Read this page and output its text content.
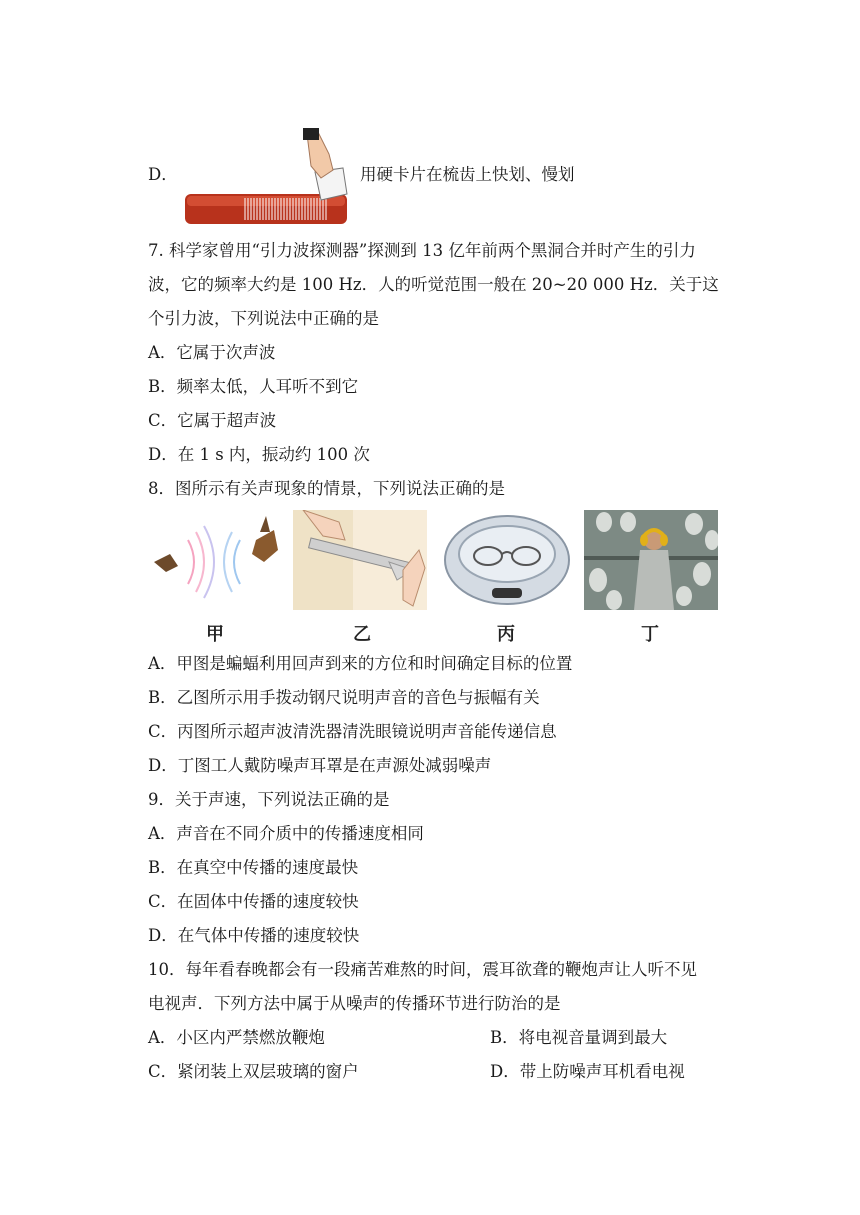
D．	用硬卡片在梳齿上快划、慢划
7. 科学家曾用“引力波探测器”探测到 13 亿年前两个黑洞合并时产生的引力
波，它的频率大约是 100 Hz．人的听觉范围一般在 20~20 000 Hz．关于这
个引力波，下列说法中正确的是
A．它属于次声波
B．频率太低，人耳听不到它
C．它属于超声波
D．在 1 s 内，振动约 100 次
8．图所示有关声现象的情景，下列说法正确的是
甲	乙	丙	丁
A．甲图是蝙蝠利用回声到来的方位和时间确定目标的位置
B．乙图所示用手拨动钢尺说明声音的音色与振幅有关
C．丙图所示超声波清洗器清洗眼镜说明声音能传递信息
D．丁图工人戴防噪声耳罩是在声源处减弱噪声
9．关于声速，下列说法正确的是
A．声音在不同介质中的传播速度相同
B．在真空中传播的速度最快
C．在固体中传播的速度较快
D．在气体中传播的速度较快
10．每年看春晚都会有一段痛苦难熬的时间，震耳欲聋的鞭炮声让人听不见
电视声．下列方法中属于从噪声的传播环节进行防治的是
A．小区内严禁燃放鞭炮	B．将电视音量调到最大
C．紧闭装上双层玻璃的窗户	D．带上防噪声耳机看电视
